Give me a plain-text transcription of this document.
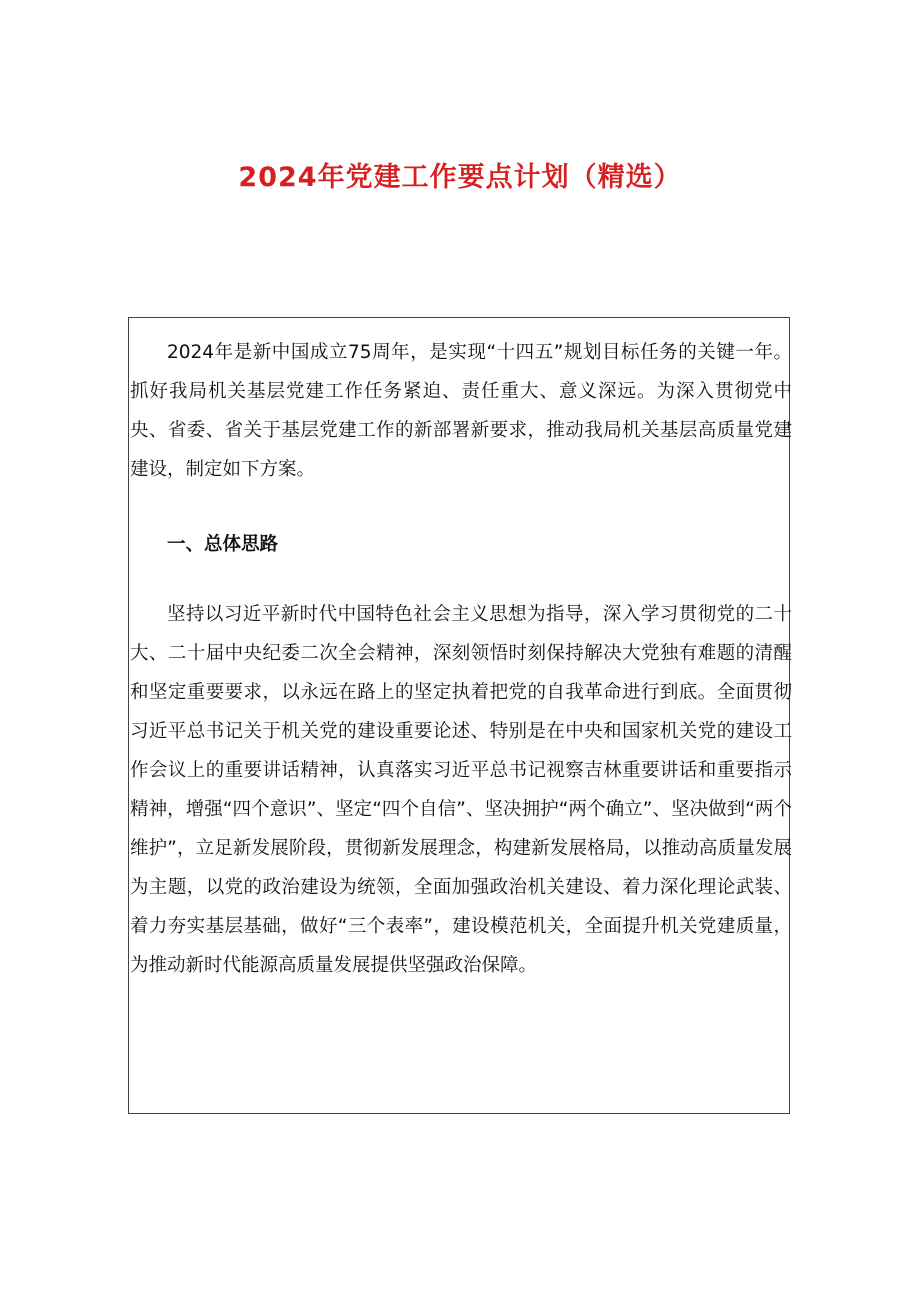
2024年党建工作要点计划（精选）

2024年是新中国成立75周年，是实现“十四五”规划目标任务的关键一年。抓好我局机关基层党建工作任务紧迫、责任重大、意义深远。为深入贯彻党中央、省委、省关于基层党建工作的新部署新要求，推动我局机关基层高质量党建建设，制定如下方案。

一、总体思路

坚持以习近平新时代中国特色社会主义思想为指导，深入学习贯彻党的二十大、二十届中央纪委二次全会精神，深刻领悟时刻保持解决大党独有难题的清醒和坚定重要要求，以永远在路上的坚定执着把党的自我革命进行到底。全面贯彻习近平总书记关于机关党的建设重要论述、特别是在中央和国家机关党的建设工作会议上的重要讲话精神，认真落实习近平总书记视察吉林重要讲话和重要指示精神，增强“四个意识”、坚定“四个自信”、坚决拥护“两个确立”、坚决做到“两个维护”，立足新发展阶段，贯彻新发展理念，构建新发展格局，以推动高质量发展为主题，以党的政治建设为统领，全面加强政治机关建设、着力深化理论武装、着力夯实基层基础，做好“三个表率”，建设模范机关，全面提升机关党建质量，为推动新时代能源高质量发展提供坚强政治保障。
